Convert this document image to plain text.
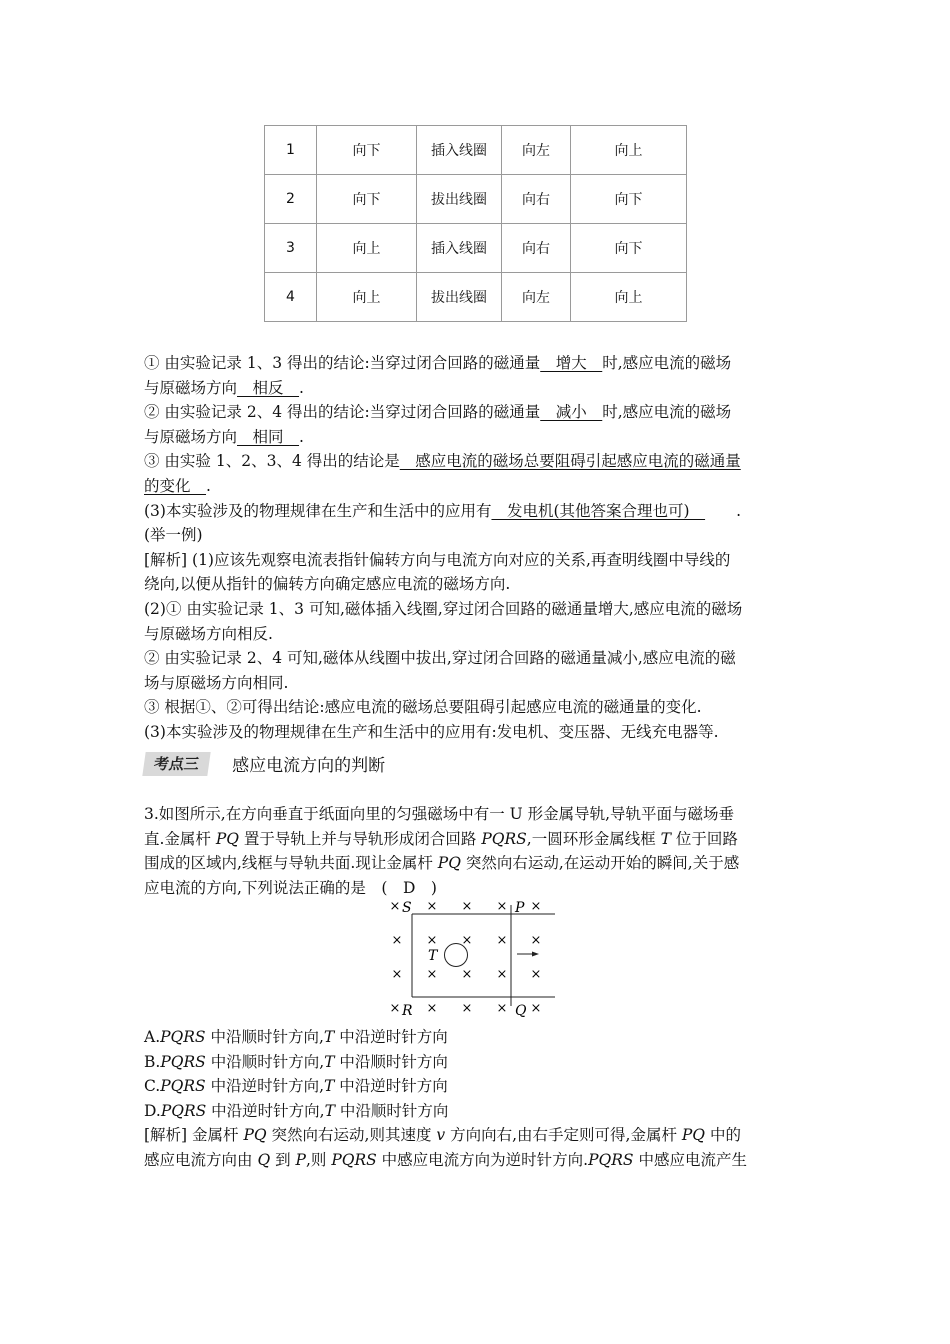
1	向下	插入线圈	向左	向上
2	向下	拔出线圈	向右	向下
3	向上	插入线圈	向右	向下
4	向上	拔出线圈	向左	向上
① 由实验记录 1、3 得出的结论:当穿过闭合回路的磁通量　增大　时,感应电流的磁场
与原磁场方向　相反　.
② 由实验记录 2、4 得出的结论:当穿过闭合回路的磁通量　减小　时,感应电流的磁场
与原磁场方向　相同　.
③ 由实验 1、2、3、4 得出的结论是　感应电流的磁场总要阻碍引起感应电流的磁通量
的变化　.
(3)本实验涉及的物理规律在生产和生活中的应用有　发电机(其他答案合理也可)　　　.
(举一例)
[解析] (1)应该先观察电流表指针偏转方向与电流方向对应的关系,再查明线圈中导线的
绕向,以便从指针的偏转方向确定感应电流的磁场方向.
(2)① 由实验记录 1、3 可知,磁体插入线圈,穿过闭合回路的磁通量增大,感应电流的磁场
与原磁场方向相反.
② 由实验记录 2、4 可知,磁体从线圈中拔出,穿过闭合回路的磁通量减小,感应电流的磁
场与原磁场方向相同.
③ 根据①、②可得出结论:感应电流的磁场总要阻碍引起感应电流的磁通量的变化.
(3)本实验涉及的物理规律在生产和生活中的应用有:发电机、变压器、无线充电器等.
考点三 感应电流方向的判断
3.如图所示,在方向垂直于纸面向里的匀强磁场中有一 U 形金属导轨,导轨平面与磁场垂
直.金属杆 PQ 置于导轨上并与导轨形成闭合回路 PQRS,一圆环形金属线框 T 位于回路
围成的区域内,线框与导轨共面.现让金属杆 PQ 突然向右运动,在运动开始的瞬间,关于感
应电流的方向,下列说法正确的是　(　D　)
× × × ×
× × × × ×
× × × × ×
× × × ×
×
×
S	P
R	Q
T
A.PQRS 中沿顺时针方向,T 中沿逆时针方向
B.PQRS 中沿顺时针方向,T 中沿顺时针方向
C.PQRS 中沿逆时针方向,T 中沿逆时针方向
D.PQRS 中沿逆时针方向,T 中沿顺时针方向
[解析] 金属杆 PQ 突然向右运动,则其速度 v 方向向右,由右手定则可得,金属杆 PQ 中的
感应电流方向由 Q 到 P,则 PQRS 中感应电流方向为逆时针方向.PQRS 中感应电流产生
